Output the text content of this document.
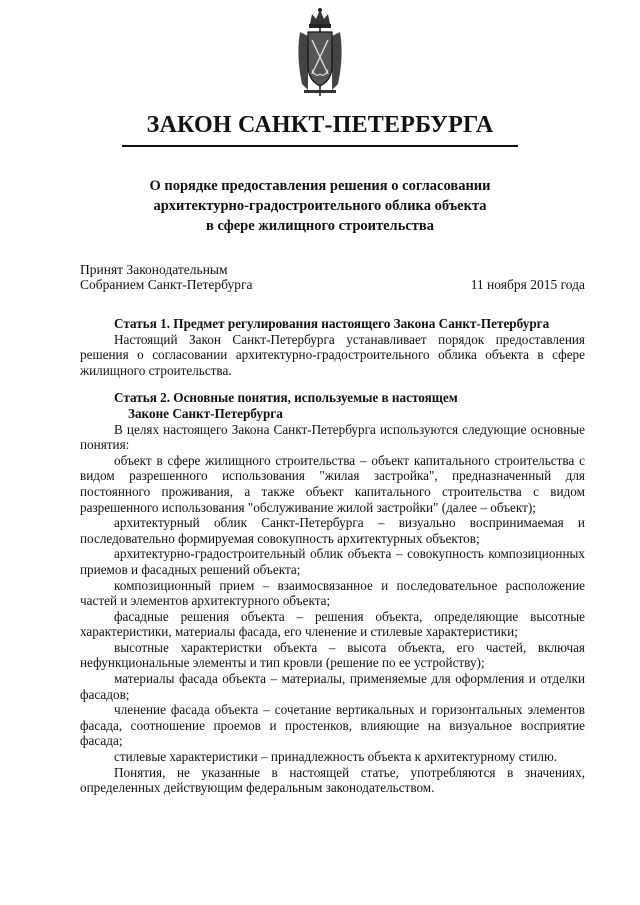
ЗАКОН САНКТ-ПЕТЕРБУРГА
О порядке предоставления решения о согласовании
архитектурно-градостроительного облика объекта
в сфере жилищного строительства
Принят Законодательным
Собранием Санкт-Петербурга	11 ноября 2015 года

Статья 1. Предмет регулирования настоящего Закона Санкт-Петербурга

Настоящий Закон Санкт-Петербурга устанавливает порядок предоставления решения о согласовании архитектурно-градостроительного облика объекта в сфере жилищного строительства.

Статья 2. Основные понятия, используемые в настоящем
Законе Санкт-Петербурга

В целях настоящего Закона Санкт-Петербурга используются следующие основные понятия:

объект в сфере жилищного строительства – объект капитального строительства с видом разрешенного использования "жилая застройка", предназначенный для постоянного проживания, а также объект капитального строительства с видом разрешенного использования "обслуживание жилой застройки" (далее – объект);

архитектурный облик Санкт-Петербурга – визуально воспринимаемая и последовательно формируемая совокупность архитектурных объектов;

архитектурно-градостроительный облик объекта – совокупность композиционных приемов и фасадных решений объекта;

композиционный прием – взаимосвязанное и последовательное расположение частей и элементов архитектурного объекта;

фасадные решения объекта – решения объекта, определяющие высотные характеристики, материалы фасада, его членение и стилевые характеристики;

высотные характеристки объекта – высота объекта, его частей, включая нефункциональные элементы и тип кровли (решение по ее устройству);

материалы фасада объекта – материалы, применяемые для оформления и отделки фасадов;

членение фасада объекта – сочетание вертикальных и горизонтальных элементов фасада, соотношение проемов и простенков, влияющие на визуальное восприятие фасада;

стилевые характеристики – принадлежность объекта к архитектурному стилю.

Понятия, не указанные в настоящей статье, употребляются в значениях, определенных действующим федеральным законодательством.
